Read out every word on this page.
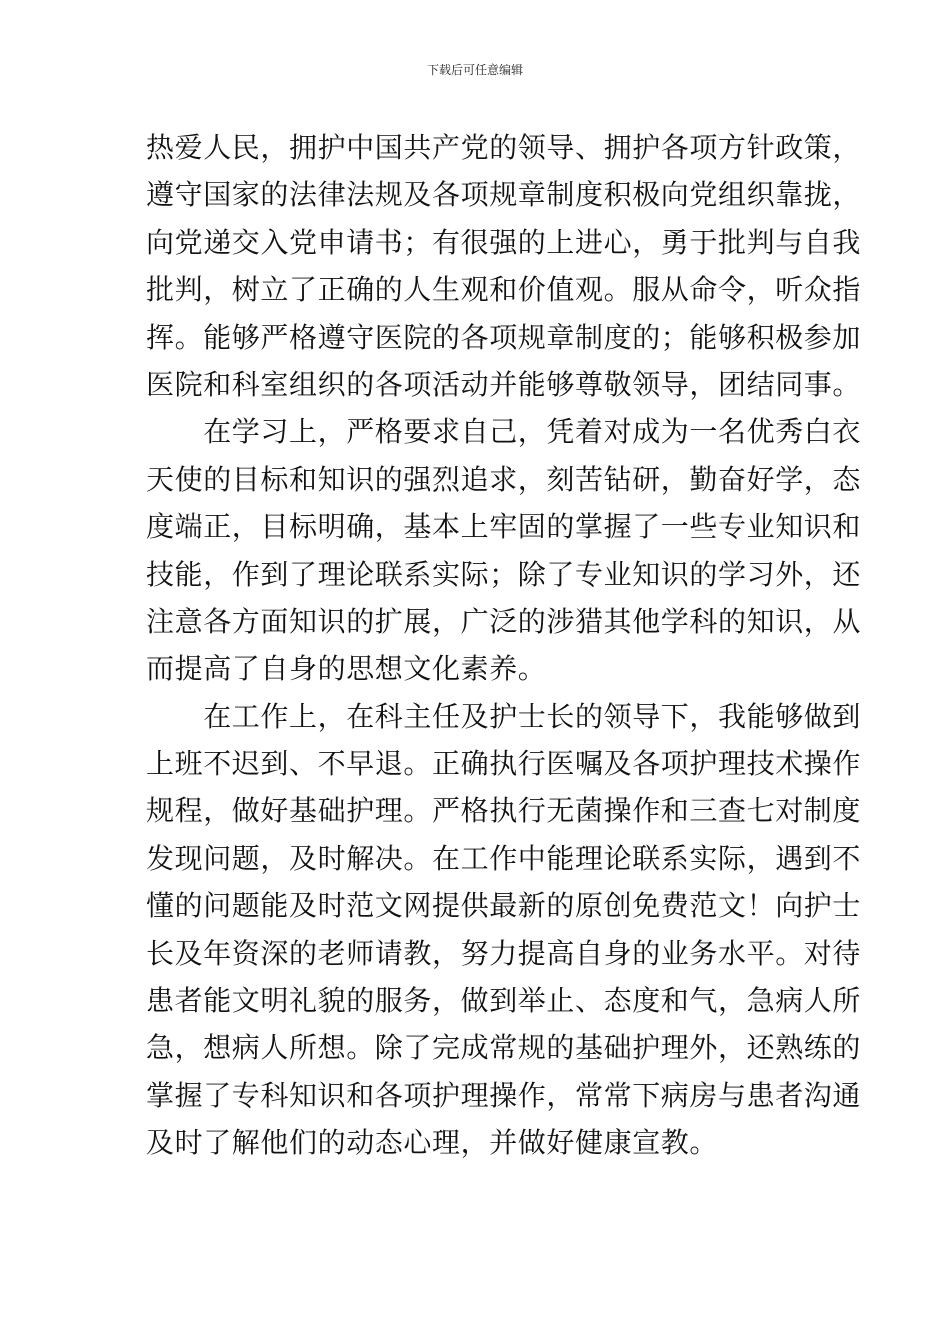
下载后可任意编辑
热爱人民，拥护中国共产党的领导、拥护各项方针政策，
遵守国家的法律法规及各项规章制度积极向党组织靠拢，
向党递交入党申请书；有很强的上进心，勇于批判与自我
批判，树立了正确的人生观和价值观。服从命令，听众指
挥。能够严格遵守医院的各项规章制度的；能够积极参加
医院和科室组织的各项活动并能够尊敬领导，团结同事。
　　在学习上，严格要求自己，凭着对成为一名优秀白衣
天使的目标和知识的强烈追求，刻苦钻研，勤奋好学，态
度端正，目标明确，基本上牢固的掌握了一些专业知识和
技能，作到了理论联系实际；除了专业知识的学习外，还
注意各方面知识的扩展，广泛的涉猎其他学科的知识，从
而提高了自身的思想文化素养。
　　在工作上，在科主任及护士长的领导下，我能够做到
上班不迟到、不早退。正确执行医嘱及各项护理技术操作
规程，做好基础护理。严格执行无菌操作和三查七对制度
发现问题，及时解决。在工作中能理论联系实际，遇到不
懂的问题能及时范文网提供最新的原创免费范文！向护士
长及年资深的老师请教，努力提高自身的业务水平。对待
患者能文明礼貌的服务，做到举止、态度和气，急病人所
急，想病人所想。除了完成常规的基础护理外，还熟练的
掌握了专科知识和各项护理操作，常常下病房与患者沟通
及时了解他们的动态心理，并做好健康宣教。
